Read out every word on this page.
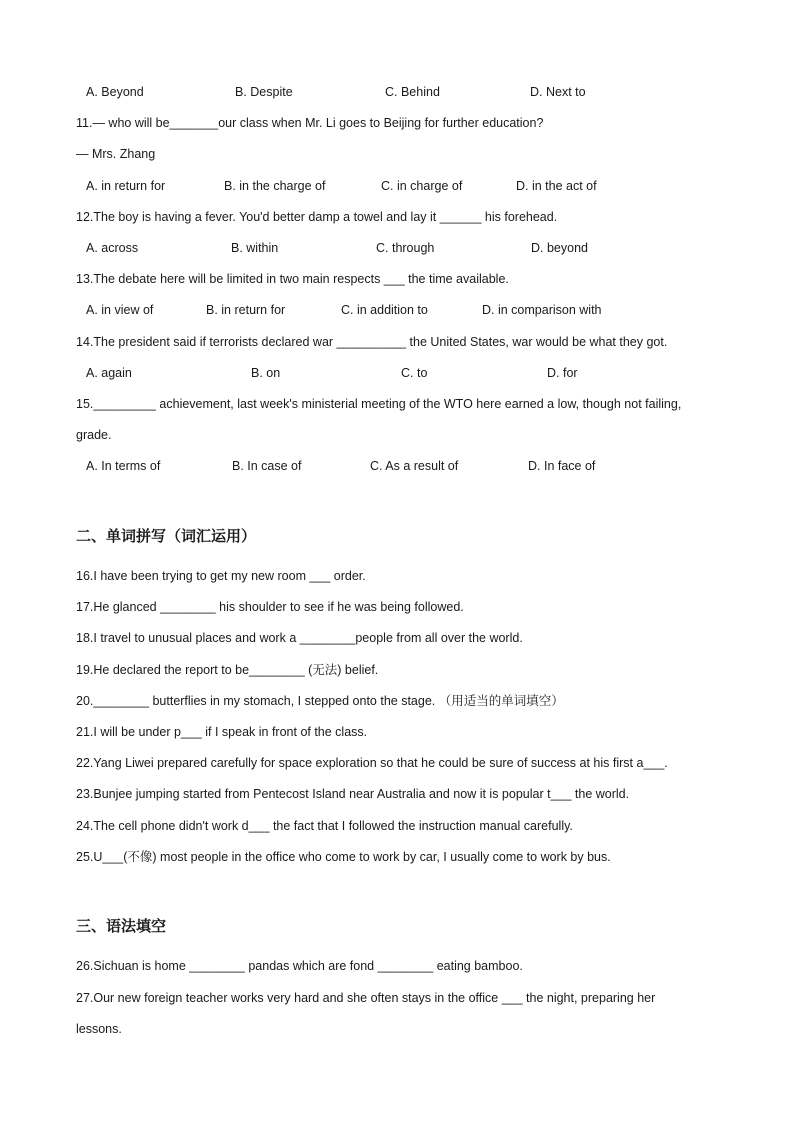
A. Beyond	B. Despite	C. Behind	D. Next to
11.— who will be_______our class when Mr. Li goes to Beijing for further education?
— Mrs. Zhang
A. in return for	B. in the charge of	C. in charge of	D. in the act of
12.The boy is having a fever. You'd better damp a towel and lay it ______ his forehead.
A. across	B. within	C. through	D. beyond
13.The debate here will be limited in two main respects ___ the time available.
A. in view of	B. in return for	C. in addition to	D. in comparison with
14.The president said if terrorists declared war __________ the United States, war would be what they got.
A. again	B. on	C. to	D. for
15._________ achievement, last week's ministerial meeting of the WTO here earned a low, though not failing,
grade.
A. In terms of	B. In case of	C. As a result of	D. In face of
二、单词拼写（词汇运用）
16.I have been trying to get my new room ___ order.
17.He glanced ________ his shoulder to see if he was being followed.
18.I travel to unusual places and work a ________people from all over the world.
19.He declared the report to be________ (无法) belief.
20.________ butterflies in my stomach, I stepped onto the stage. （用适当的单词填空）
21.I will be under p___ if I speak in front of the class.
22.Yang Liwei prepared carefully for space exploration so that he could be sure of success at his first a___.
23.Bunjee jumping started from Pentecost Island near Australia and now it is popular t___ the world.
24.The cell phone didn't work d___ the fact that I followed the instruction manual carefully.
25.U___(不像) most people in the office who come to work by car, I usually come to work by bus.
三、语法填空
26.Sichuan is home ________ pandas which are fond ________ eating bamboo.
27.Our new foreign teacher works very hard and she often stays in the office ___ the night, preparing her
lessons.
